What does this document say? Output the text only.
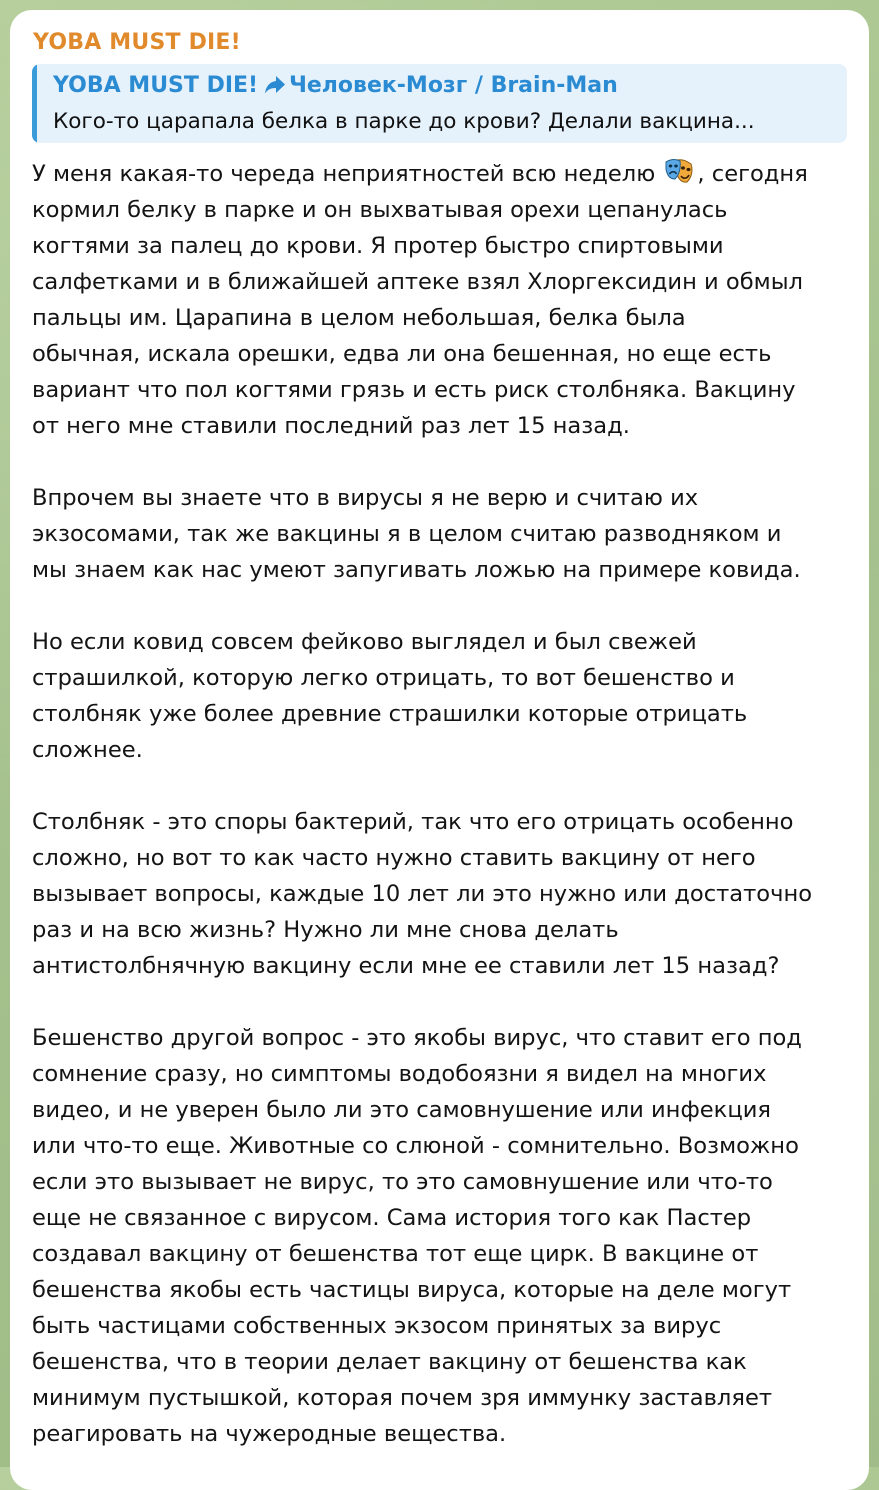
YOBA MUST DIE!
YOBA MUST DIE! Человек-Мозг / Brain-Man
Кого-то царапала белка в парке до крови? Делали вакцина...
У меня какая-то череда неприятностей всю неделю , сегодня
кормил белку в парке и он выхватывая орехи цепанулась
когтями за палец до крови. Я протер быстро спиртовыми
салфетками и в ближайшей аптеке взял Хлоргексидин и обмыл
пальцы им. Царапина в целом небольшая, белка была
обычная, искала орешки, едва ли она бешенная, но еще есть
вариант что пол когтями грязь и есть риск столбняка. Вакцину
от него мне ставили последний раз лет 15 назад.
Впрочем вы знаете что в вирусы я не верю и считаю их
экзосомами, так же вакцины я в целом считаю разводняком и
мы знаем как нас умеют запугивать ложью на примере ковида.
Но если ковид совсем фейково выглядел и был свежей
страшилкой, которую легко отрицать, то вот бешенство и
столбняк уже более древние страшилки которые отрицать
сложнее.
Столбняк - это споры бактерий, так что его отрицать особенно
сложно, но вот то как часто нужно ставить вакцину от него
вызывает вопросы, каждые 10 лет ли это нужно или достаточно
раз и на всю жизнь? Нужно ли мне снова делать
антистолбнячную вакцину если мне ее ставили лет 15 назад?
Бешенство другой вопрос - это якобы вирус, что ставит его под
сомнение сразу, но симптомы водобоязни я видел на многих
видео, и не уверен было ли это самовнушение или инфекция
или что-то еще. Животные со слюной - сомнительно. Возможно
если это вызывает не вирус, то это самовнушение или что-то
еще не связанное с вирусом. Сама история того как Пастер
создавал вакцину от бешенства тот еще цирк. В вакцине от
бешенства якобы есть частицы вируса, которые на деле могут
быть частицами собственных экзосом принятых за вирус
бешенства, что в теории делает вакцину от бешенства как
минимум пустышкой, которая почем зря иммунку заставляет
реагировать на чужеродные вещества.
